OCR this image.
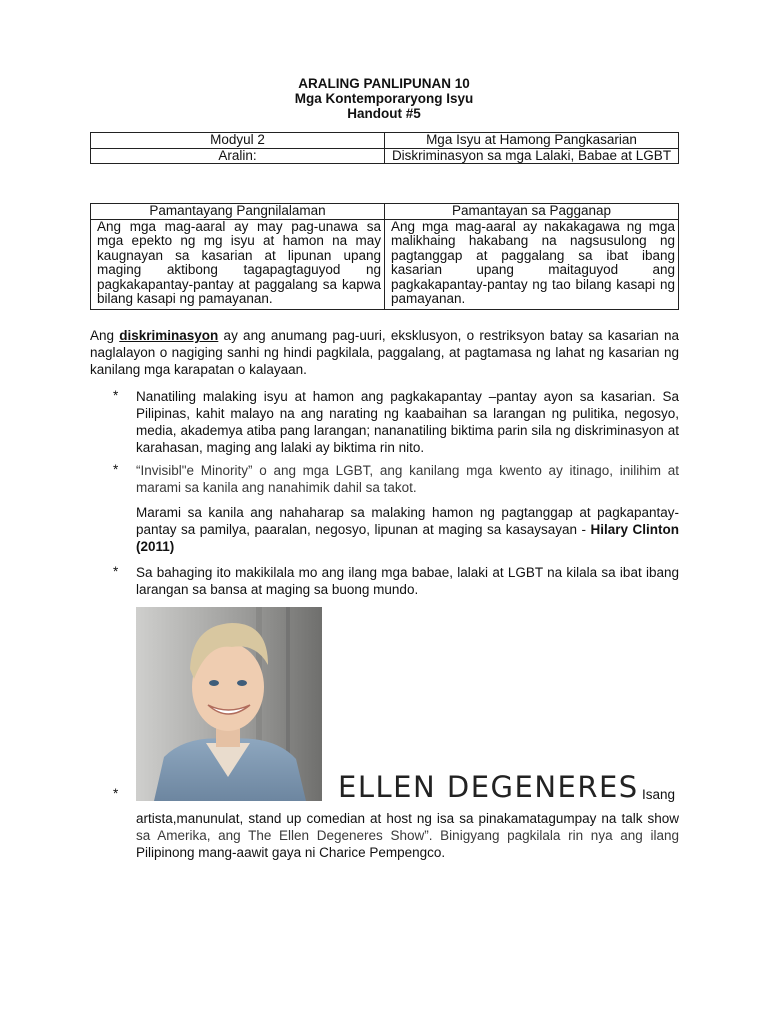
ARALING PANLIPUNAN 10
Mga Kontemporaryong Isyu
Handout #5
Modyul 2	Mga Isyu at Hamong Pangkasarian
Aralin:	Diskriminasyon sa mga Lalaki, Babae at LGBT
Pamantayang Pangnilalaman	Pamantayan sa Pagganap
Ang mga mag-aaral ay may pag-unawa sa mga epekto ng mg isyu at hamon na may kaugnayan sa kasarian at lipunan upang maging aktibong tagapagtaguyod ng pagkakapantay-pantay at paggalang sa kapwa bilang kasapi ng pamayanan.	Ang mga mag-aaral ay nakakagawa ng mga malikhaing hakabang na nagsusulong ng pagtanggap at paggalang sa ibat ibang kasarian upang maitaguyod ang pagkakapantay-pantay ng tao bilang kasapi ng pamayanan.
Ang diskriminasyon ay ang anumang pag-uuri, eksklusyon, o restriksyon batay sa kasarian na naglalayon o nagiging sanhi ng hindi pagkilala, paggalang, at pagtamasa ng lahat ng kasarian ng kanilang mga karapatan o kalayaan.
* Nanatiling malaking isyu at hamon ang pagkakapantay –pantay ayon sa kasarian. Sa Pilipinas, kahit malayo na ang narating ng kaabaihan sa larangan ng pulitika, negosyo, media, akademya atiba pang larangan; nananatiling biktima parin sila ng diskriminasyon at karahasan, maging ang lalaki ay biktima rin nito.
* “Invisibl"e Minority” o ang mga LGBT, ang kanilang mga kwento ay itinago, inilihim at marami sa kanila ang nanahimik dahil sa takot.
Marami sa kanila ang nahaharap sa malaking hamon ng pagtanggap at pagkapantay-pantay sa pamilya, paaralan, negosyo, lipunan at maging sa kasaysayan - Hilary Clinton (2011)
* Sa bahaging ito makikilala mo ang ilang mga babae, lalaki at LGBT na kilala sa ibat ibang larangan sa bansa at maging sa buong mundo.
*	ELLEN DEGENERES Isang
artista,manunulat, stand up comedian at host ng isa sa pinakamatagumpay na talk show sa Amerika, ang The Ellen Degeneres Show”. Binigyang pagkilala rin nya ang ilang Pilipinong mang-aawit gaya ni Charice Pempengco.
